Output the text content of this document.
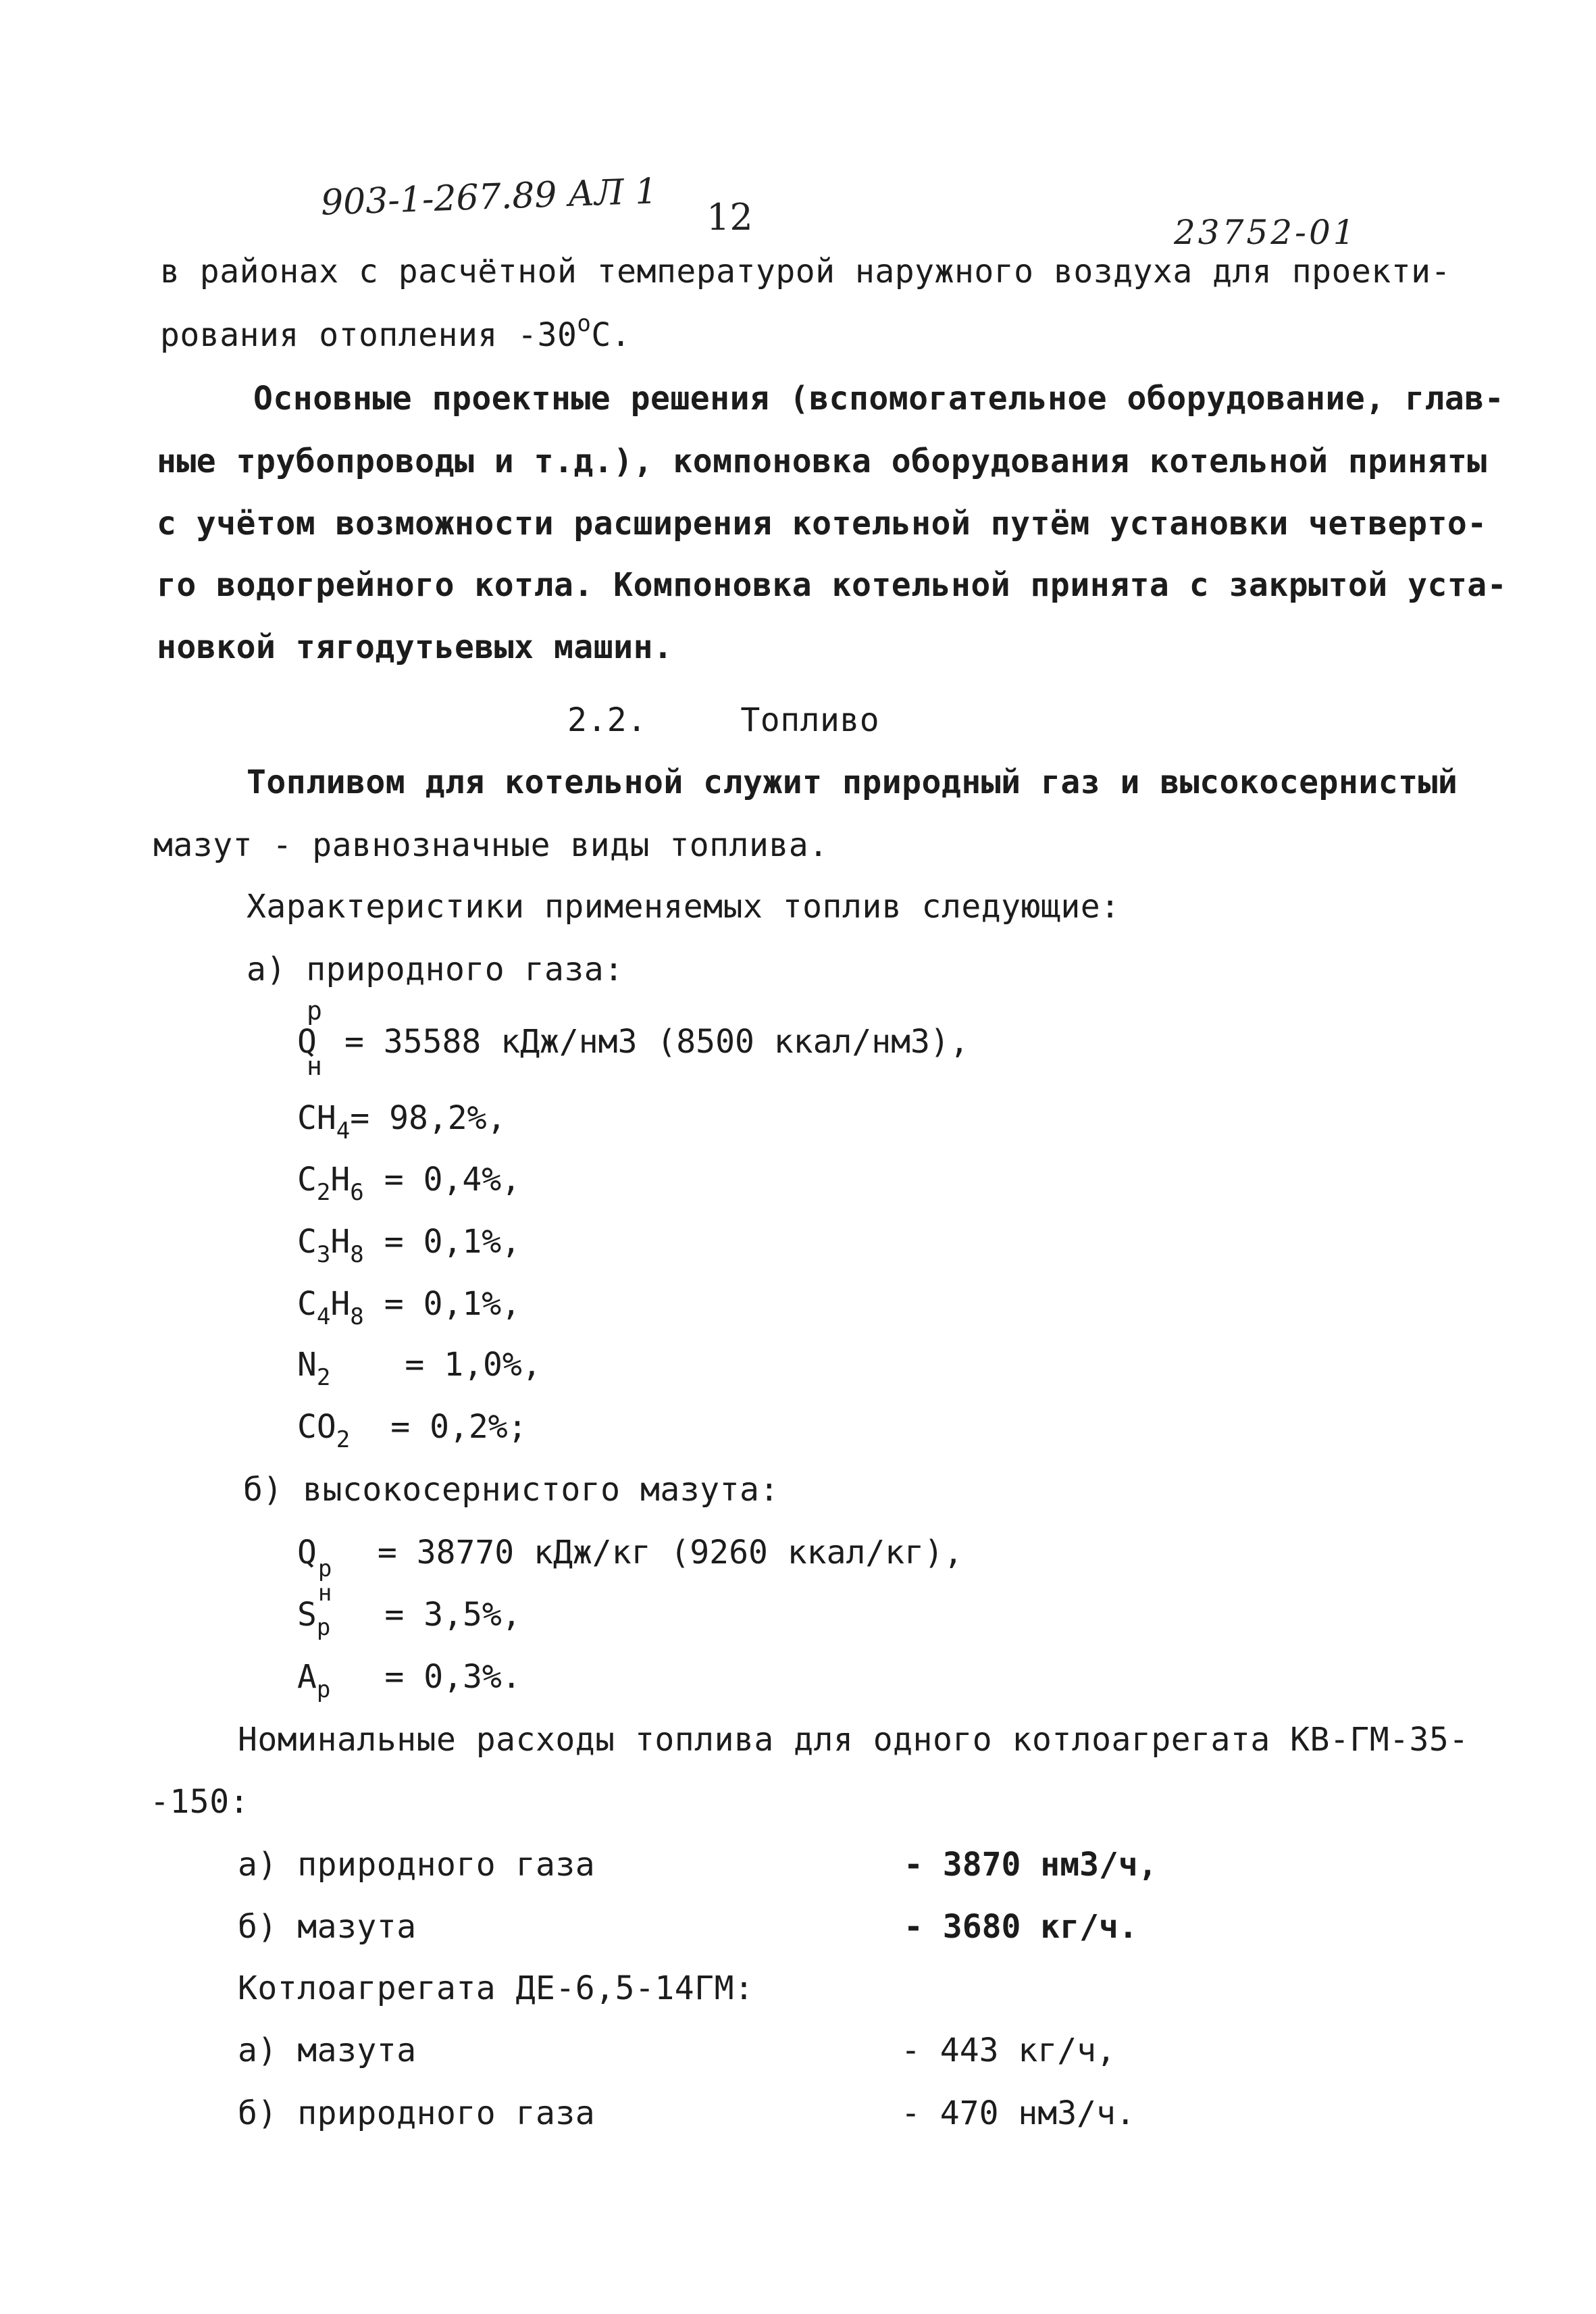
903-1-267.89 АЛ 1 12	23752-01
в районах с расчётной температурой наружного воздуха для проекти-
рования отопления $-30^оС$.
Основные проектные решения (вспомогательное оборудование, глав-
ные трубопроводы и т.д.), компоновка оборудования котельной приняты
с учётом возможности расширения котельной путём установки четверто-
го водогрейного котла. Компоновка котельной принята с закрытой уста-
новкой тягодутьевых машин.
2.2.	Топливо
Топливом для котельной служит природный газ и высокосернистый
мазут - равнозначные виды топлива.
Характеристики применяемых топлив следующие:
а) природного газа:
Q
р
н
= 35588 кДж/нм3 (8500 ккал/нм3),
$CH_4= 98,2\%$,
$C_2H_6 = 0,4\%$,
$C_3H_8 = 0,1\%$,
$C_4H_8 = 0,1\%$,
$N_2 = 1,0\%$,
$CO_2 = 0,2\%$;
б) высокосернистого мазута:
Q р
н
= 38770 кДж/кг (9260 ккал/кг),
$S_р = 3,5\%$,
$A_р = 0,3\%$.
Номинальные расходы топлива для одного котлоагрегата КВ-ГМ-35-
-150:
а) природного газа	- 3870 нм3/ч,
б) мазута	- 3680 кг/ч.
Котлоагрегата ДЕ-6,5-14ГМ:
а) мазута	- 443 кг/ч,
б) природного газа	- 470 нм3/ч.
